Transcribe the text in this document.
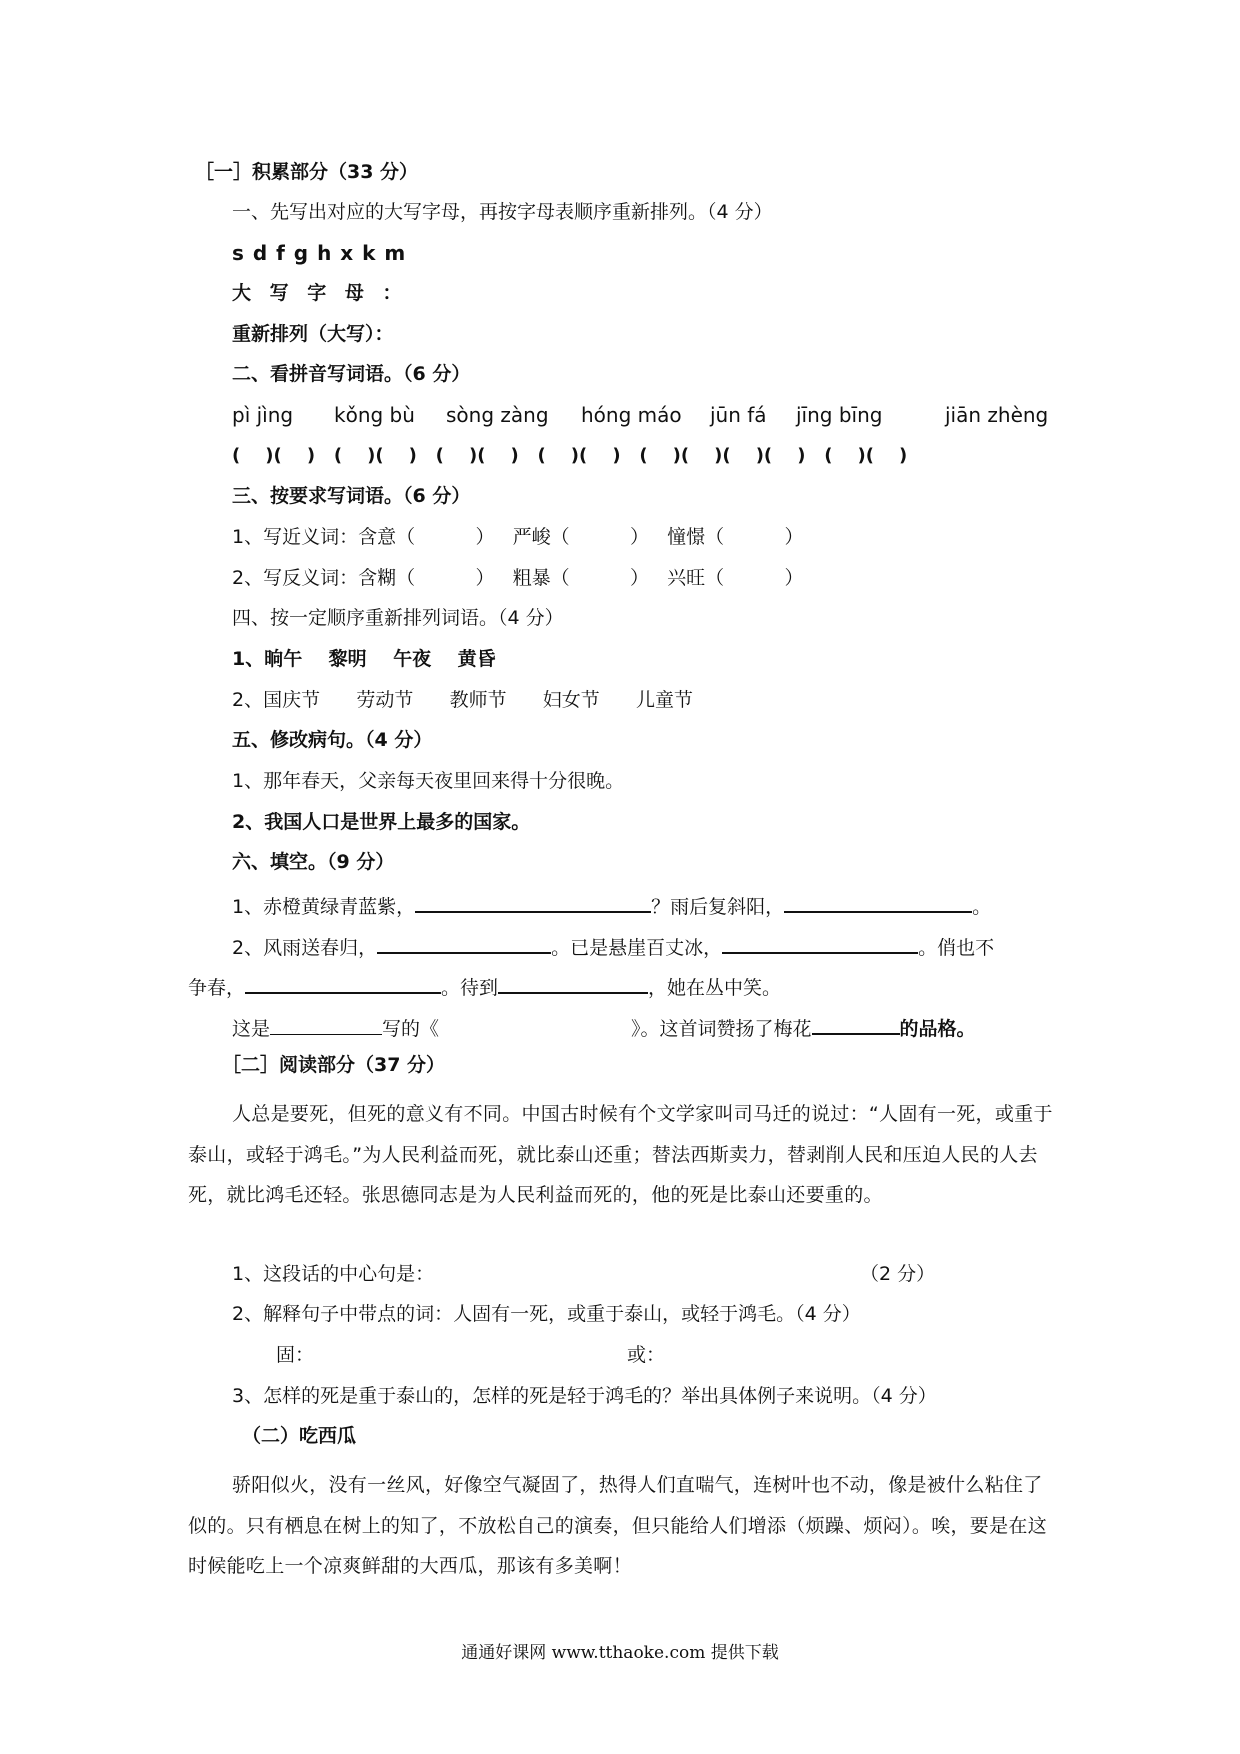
［一］积累部分（33 分）
一、先写出对应的大写字母，再按字母表顺序重新排列。（4 分）
s d f g h x k m
大 写 字 母 ：
重新排列（大写）：
二、看拼音写词语。（6 分）
pì jìng kǒng bù sòng zàng hóng máo jūn fá jīng bīng	jiān zhèng
(    )(    )   (    )(    )   (    )(    )   (    )(    )   (    )(    )(    )(    )   (    )(    )
三、按要求写词语。（6 分）
1、写近义词：含意（          ）   严峻（          ）   憧憬（          ）
2、写反义词：含糊（          ）   粗暴（          ）   兴旺（          ）
四、按一定顺序重新排列词语。（4 分）
1、晌午    黎明    午夜    黄昏
2、国庆节      劳动节      教师节      妇女节      儿童节
五、修改病句。（4 分）
1、那年春天，父亲每天夜里回来得十分很晚。
2、我国人口是世界上最多的国家。
六、填空。（9 分）
1、赤橙黄绿青蓝紫，	？雨后复斜阳，	。
2、风雨送春归，	。已是悬崖百丈冰，	。俏也不
争春，	。待到	，她在丛中笑。
这是	写的《	》。这首词赞扬了梅花	的品格。
［二］阅读部分（37 分）
人总是要死，但死的意义有不同。中国古时候有个文学家叫司马迁的说过：“人固有一死，或重于泰山，或轻于鸿毛。”为人民利益而死，就比泰山还重；替法西斯卖力，替剥削人民和压迫人民的人去死，就比鸿毛还轻。张思德同志是为人民利益而死的，他的死是比泰山还要重的。
1、这段话的中心句是：	（2 分）
2、解释句子中带点的词：人固有一死，或重于泰山，或轻于鸿毛。（4 分）
固：	或：
3、怎样的死是重于泰山的，怎样的死是轻于鸿毛的？举出具体例子来说明。（4 分）
（二）吃西瓜
骄阳似火，没有一丝风，好像空气凝固了，热得人们直喘气，连树叶也不动，像是被什么粘住了似的。只有栖息在树上的知了，不放松自己的演奏，但只能给人们增添（烦躁、烦闷）。唉，要是在这时候能吃上一个凉爽鲜甜的大西瓜，那该有多美啊！
通通好课网 www.tthaoke.com 提供下载
